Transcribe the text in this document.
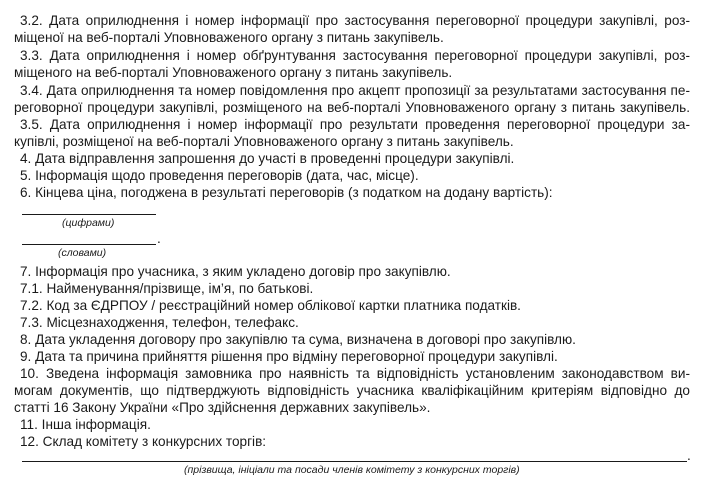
3.2. Дата оприлюднення і номер інформації про застосування переговорної процедури закупівлі, роз-
міщеної на веб-порталі Уповноваженого органу з питань закупівель.
3.3. Дата оприлюднення і номер обґрунтування застосування переговорної процедури закупівлі, роз-
міщеного на веб-порталі Уповноваженого органу з питань закупівель.
3.4. Дата оприлюднення та номер повідомлення про акцепт пропозиції за результатами застосування пе-
реговорної процедури закупівлі, розміщеного на веб-порталі Уповноваженого органу з питань закупівель.
3.5. Дата оприлюднення і номер інформації про результати проведення переговорної процедури за-
купівлі, розміщеної на веб-порталі Уповноваженого органу з питань закупівель.
4. Дата відправлення запрошення до участі в проведенні процедури закупівлі.
5. Інформація щодо проведення переговорів (дата, час, місце).
6. Кінцева ціна, погоджена в результаті переговорів (з податком на додану вартість):
(цифрами)
.
(словами)
7. Інформація про учасника, з яким укладено договір про закупівлю.
7.1. Найменування/прізвище, ім’я, по батькові.
7.2. Код за ЄДРПОУ / реєстраційний номер облікової картки платника податків.
7.3. Місцезнаходження, телефон, телефакс.
8. Дата укладення договору про закупівлю та сума, визначена в договорі про закупівлю.
9. Дата та причина прийняття рішення про відміну переговорної процедури закупівлі.
10. Зведена інформація замовника про наявність та відповідність установленим законодавством ви-
могам документів, що підтверджують відповідність учасника кваліфікаційним критеріям відповідно до
статті 16 Закону України «Про здійснення державних закупівель».
11. Інша інформація.
12. Склад комітету з конкурсних торгів:
.
(прізвища, ініціали та посади членів комітету з конкурсних торгів)
